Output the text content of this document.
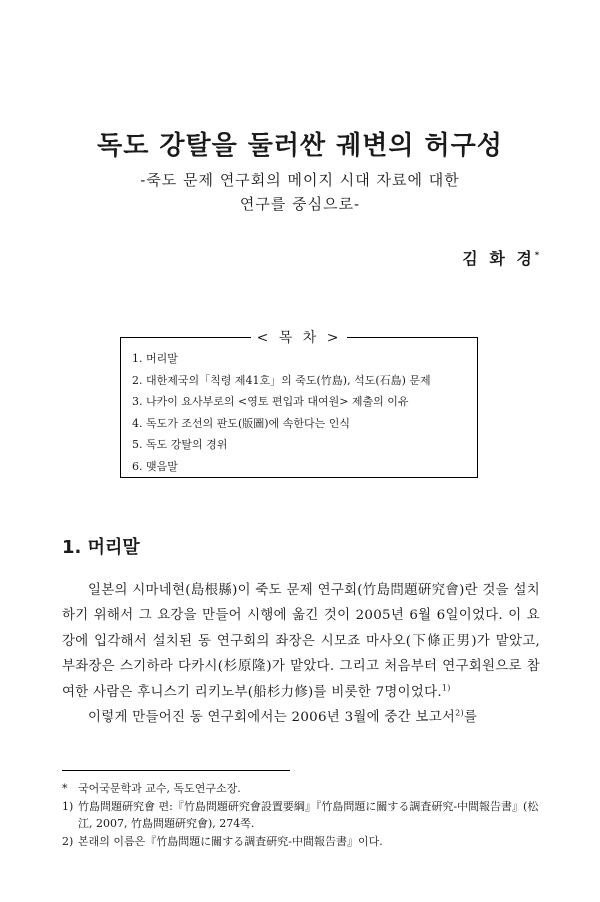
독도 강탈을 둘러싼 궤변의 허구성
-죽도 문제 연구회의 메이지 시대 자료에 대한
연구를 중심으로-
김 화 경*
< 목 차 >
1. 머리말
2. 대한제국의「칙령 제41호」의 죽도(竹島), 석도(石島) 문제
3. 나카이 요사부로의 <영토 편입과 대여원> 제출의 이유
4. 독도가 조선의 판도(版圖)에 속한다는 인식
5. 독도 강탈의 경위
6. 맺음말
1. 머리말

일본의 시마네현(島根縣)이 죽도 문제 연구회(竹島問題硏究會)란 것을 설치하기 위해서 그 요강을 만들어 시행에 옮긴 것이 2005년 6월 6일이었다. 이 요강에 입각해서 설치된 동 연구회의 좌장은 시모죠 마사오(下條正男)가 맡았고, 부좌장은 스기하라 다카시(杉原隆)가 맡았다. 그리고 처음부터 연구회원으로 참여한 사람은 후니스기 리키노부(船杉力修)를 비롯한 7명이었다.$^{1)}$

이렇게 만들어진 동 연구회에서는 2006년 3월에 중간 보고서$^{2)}$를

* 국어국문학과 교수, 독도연구소장.
1) 竹島問題硏究會 편:『竹島問題硏究會設置要綱』『竹島問題に關する調査硏究-中間報告書』(松江, 2007, 竹島問題硏究會), 274쪽.
2) 본래의 이름은『竹島問題に關する調査硏究-中間報告書』이다.
